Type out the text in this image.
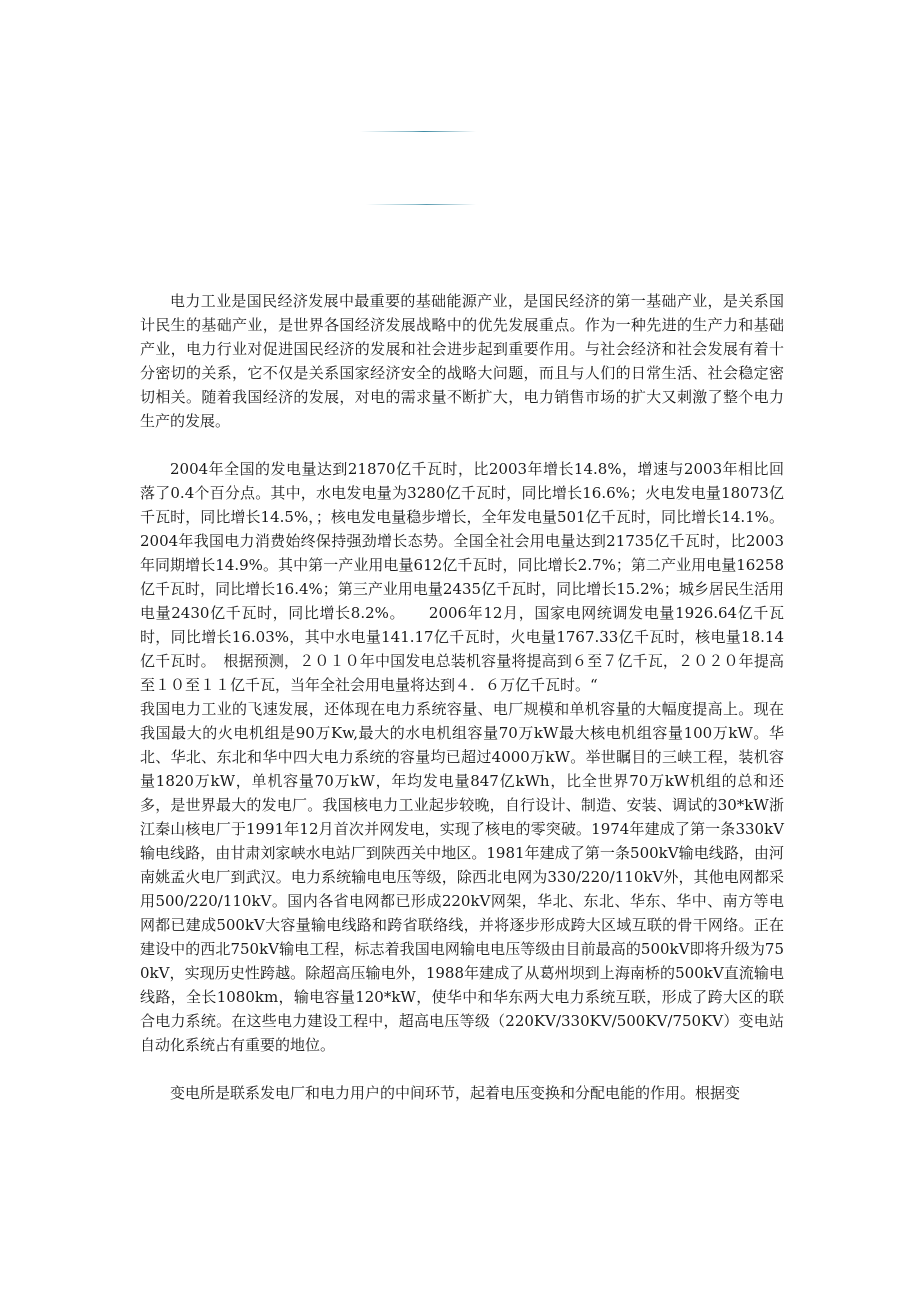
电力工业是国民经济发展中最重要的基础能源产业，是国民经济的第一基础产业，是关系国计民生的基础产业，是世界各国经济发展战略中的优先发展重点。作为一种先进的生产力和基础产业，电力行业对促进国民经济的发展和社会进步起到重要作用。与社会经济和社会发展有着十分密切的关系，它不仅是关系国家经济安全的战略大问题，而且与人们的日常生活、社会稳定密切相关。随着我国经济的发展，对电的需求量不断扩大，电力销售市场的扩大又刺激了整个电力生产的发展。

2004年全国的发电量达到21870亿千瓦时，比2003年增长14.8%，增速与2003年相比回落了0.4个百分点。其中，水电发电量为3280亿千瓦时，同比增长16.6%；火电发电量18073亿千瓦时，同比增长14.5%，；核电发电量稳步增长，全年发电量501亿千瓦时，同比增长14.1%。2004年我国电力消费始终保持强劲增长态势。全国全社会用电量达到21735亿千瓦时，比2003年同期增长14.9%。其中第一产业用电量612亿千瓦时，同比增长2.7%；第二产业用电量16258亿千瓦时，同比增长16.4%；第三产业用电量2435亿千瓦时，同比增长15.2%；城乡居民生活用电量2430亿千瓦时，同比增长8.2%。　　2006年12月，国家电网统调发电量1926.64亿千瓦时，同比增长16.03%，其中水电量141.17亿千瓦时，火电量1767.33亿千瓦时，核电量18.14亿千瓦时。　根据预测，２０１０年中国发电总装机容量将提高到６至７亿千瓦，２０２０年提高至１０至１１亿千瓦，当年全社会用电量将达到４．６万亿千瓦时。“

我国电力工业的飞速发展，还体现在电力系统容量、电厂规模和单机容量的大幅度提高上。现在我国最大的火电机组是90万Kw,最大的水电机组容量70万kW最大核电机组容量100万kW。华北、华北、东北和华中四大电力系统的容量均已超过4000万kW。举世瞩目的三峡工程，装机容量1820万kW，单机容量70万kW，年均发电量847亿kWh，比全世界70万kW机组的总和还多，是世界最大的发电厂。我国核电力工业起步较晚，自行设计、制造、安装、调试的30*kW浙江秦山核电厂于1991年12月首次并网发电，实现了核电的零突破。1974年建成了第一条330kV输电线路，由甘肃刘家峡水电站厂到陕西关中地区。1981年建成了第一条500kV输电线路，由河南姚孟火电厂到武汉。电力系统输电电压等级，除西北电网为330/220/110kV外，其他电网都采用500/220/110kV。国内各省电网都已形成220kV网架，华北、东北、华东、华中、南方等电网都已建成500kV大容量输电线路和跨省联络线，并将逐步形成跨大区域互联的骨干网络。正在建设中的西北750kV输电工程，标志着我国电网输电电压等级由目前最高的500kV即将升级为750kV，实现历史性跨越。除超高压输电外，1988年建成了从葛州坝到上海南桥的500kV直流输电线路，全长1080km，输电容量120*kW，使华中和华东两大电力系统互联，形成了跨大区的联合电力系统。在这些电力建设工程中，超高电压等级（220KV/330KV/500KV/750KV）变电站自动化系统占有重要的地位。

变电所是联系发电厂和电力用户的中间环节，起着电压变换和分配电能的作用。根据变
